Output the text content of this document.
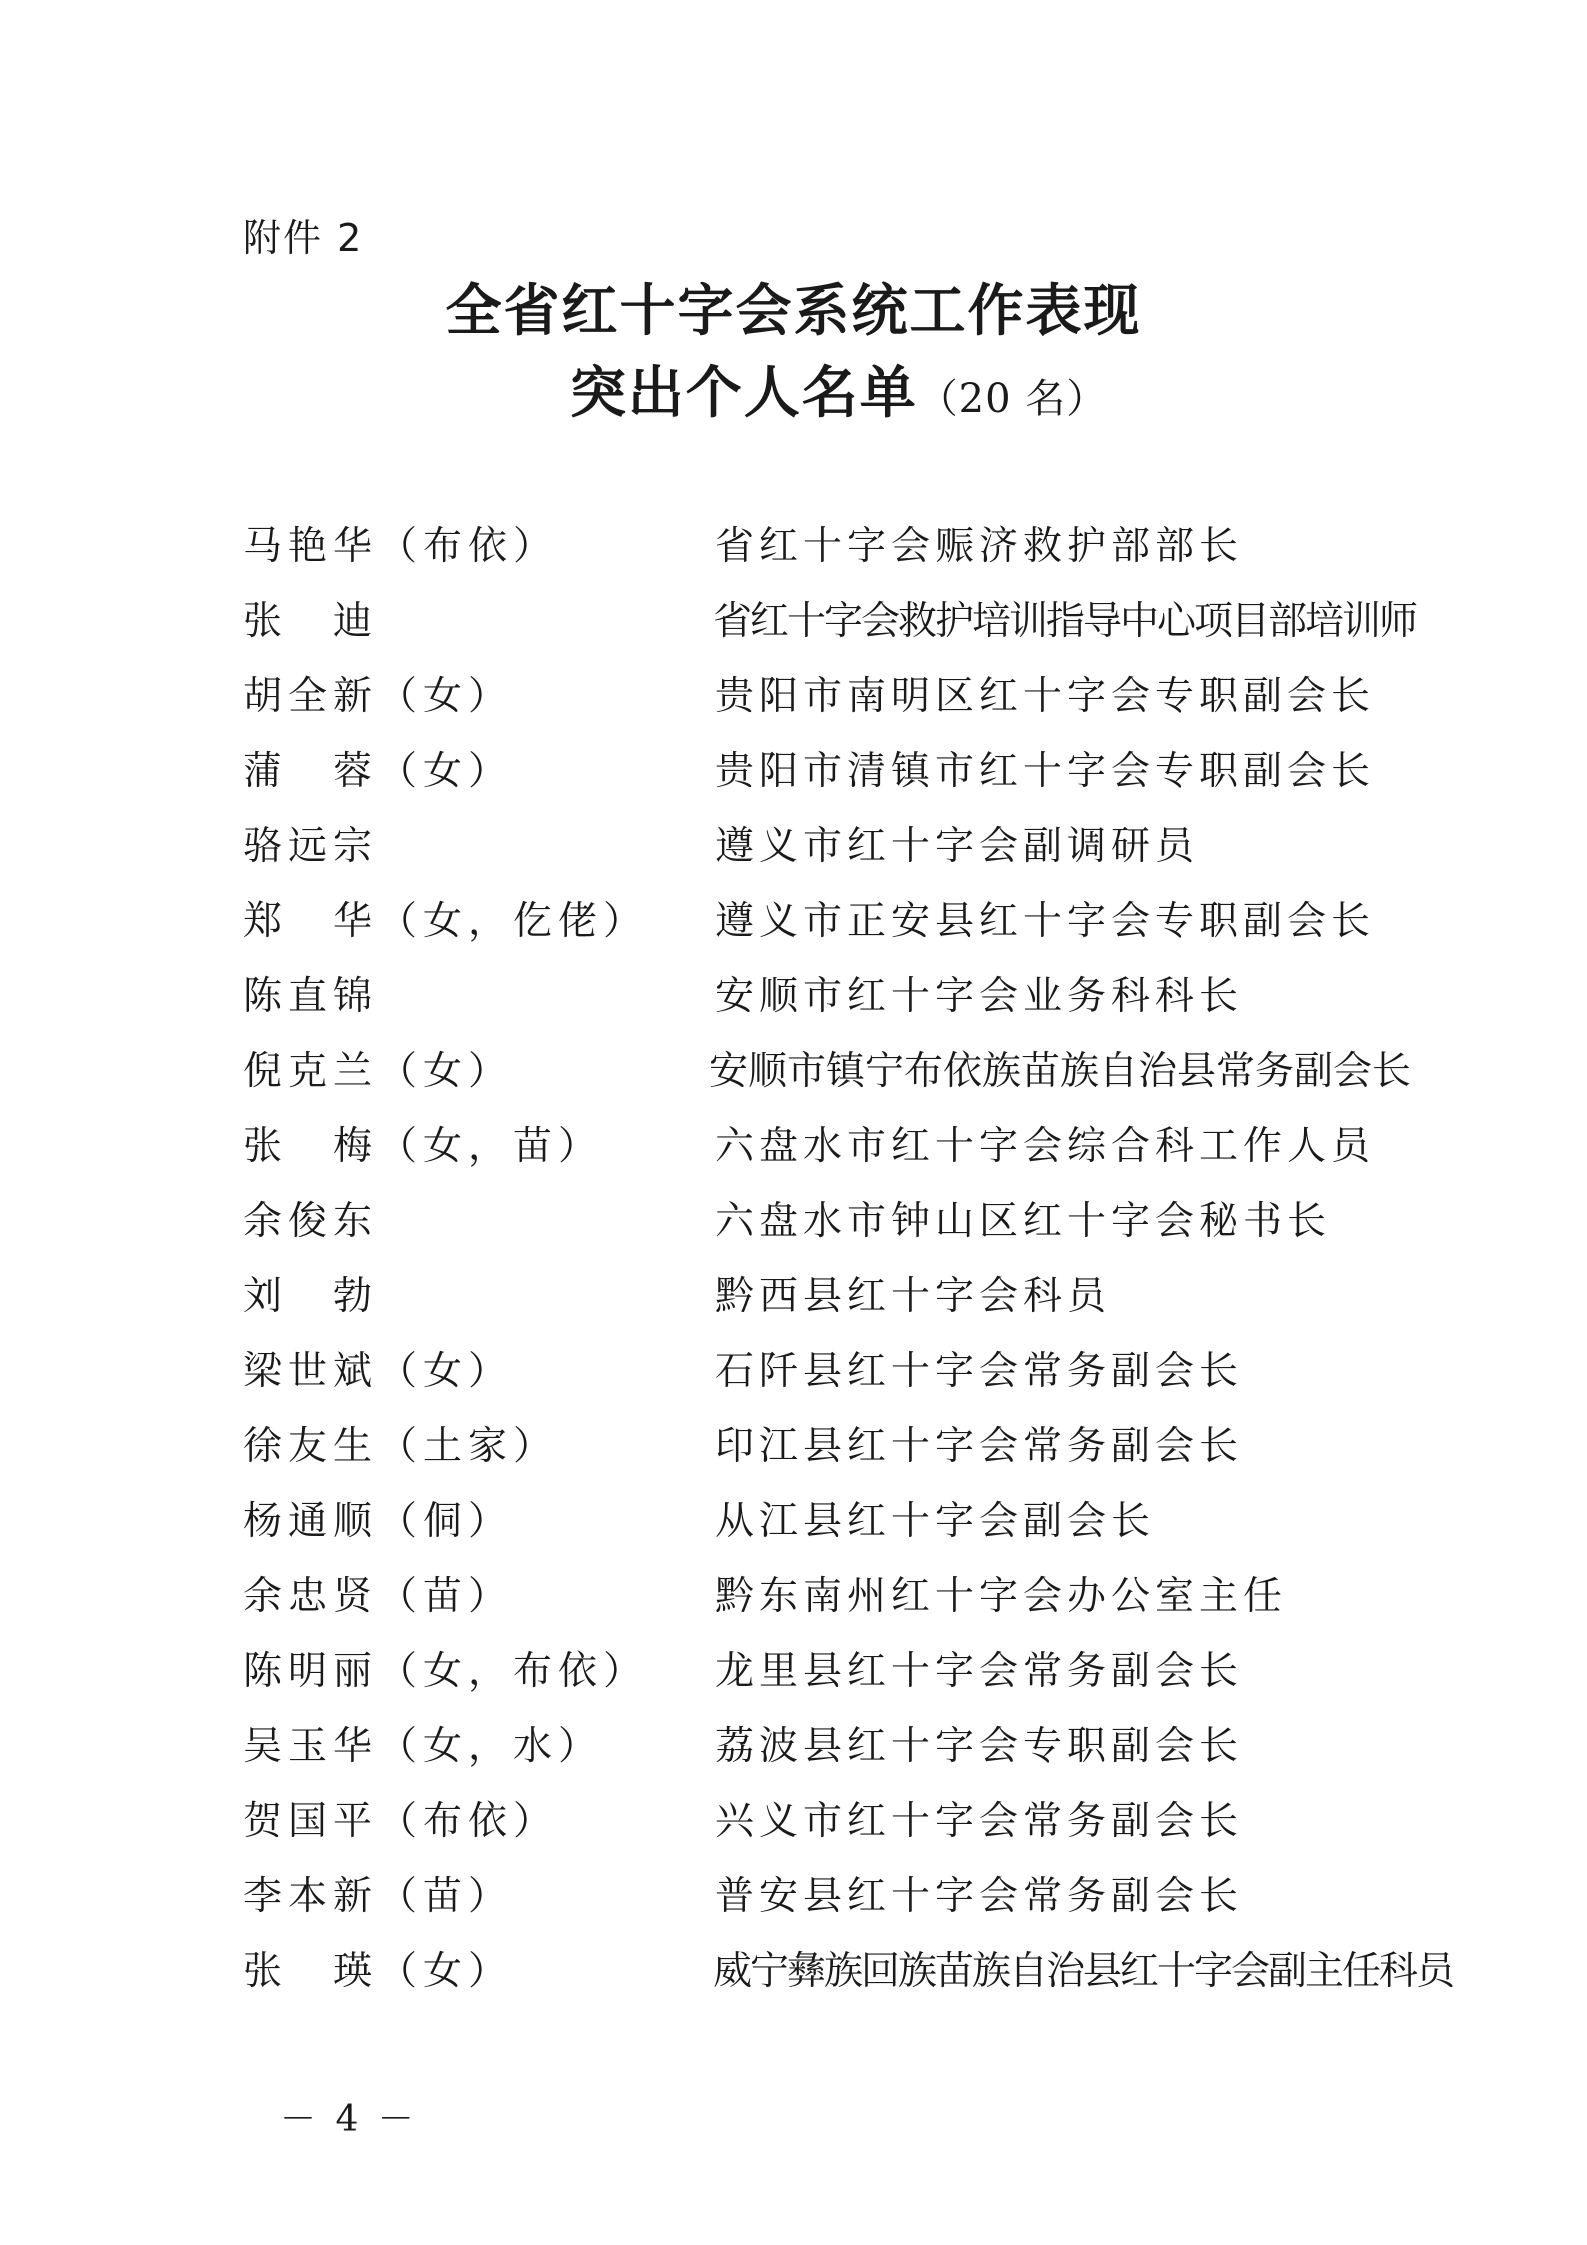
附件 2
全省红十字会系统工作表现
突出个人名单（20 名）
马艳华（布依）	省红十字会赈济救护部部长
张　迪	省红十字会救护培训指导中心项目部培训师
胡全新（女）	贵阳市南明区红十字会专职副会长
蒲　蓉（女）	贵阳市清镇市红十字会专职副会长
骆远宗	遵义市红十字会副调研员
郑　华（女，仡佬） 遵义市正安县红十字会专职副会长
陈直锦	安顺市红十字会业务科科长
倪克兰（女）	安顺市镇宁布依族苗族自治县常务副会长
张　梅（女，苗）	六盘水市红十字会综合科工作人员
余俊东	六盘水市钟山区红十字会秘书长
刘　勃	黔西县红十字会科员
梁世斌（女）	石阡县红十字会常务副会长
徐友生（土家）	印江县红十字会常务副会长
杨通顺（侗）	从江县红十字会副会长
余忠贤（苗）	黔东南州红十字会办公室主任
陈明丽（女，布依） 龙里县红十字会常务副会长
吴玉华（女，水）	荔波县红十字会专职副会长
贺国平（布依）	兴义市红十字会常务副会长
李本新（苗）	普安县红十字会常务副会长
张　瑛（女）	威宁彝族回族苗族自治县红十字会副主任科员
－ 4 －
